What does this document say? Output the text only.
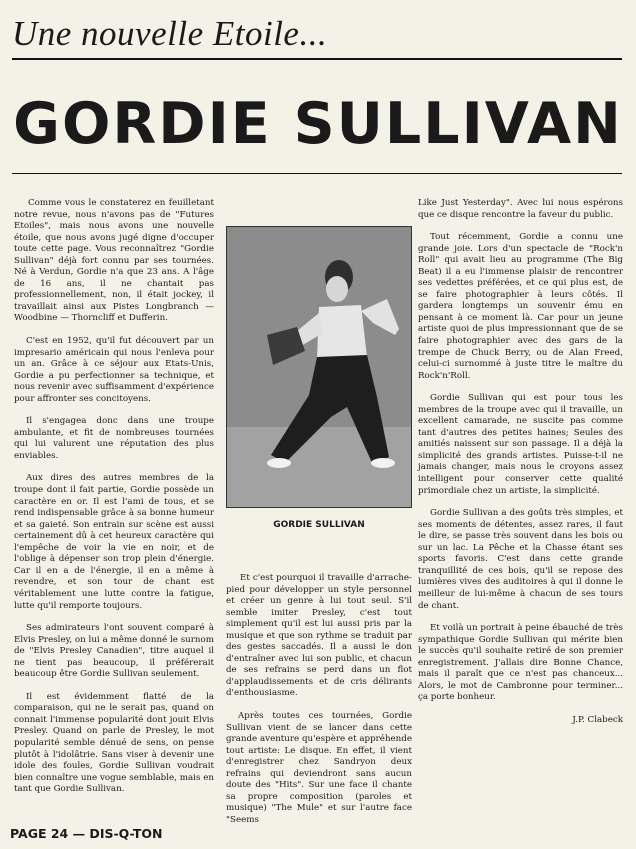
Une nouvelle Etoile...
GORDIE SULLIVAN

Comme vous le constaterez en feuilletant notre revue, nous n'avons pas de "Futures Etoiles", mais nous avons une nouvelle étoile, que nous avons jugé digne d'occuper toute cette page. Vous reconnaîtrez "Gordie Sullivan" déjà fort connu par ses tournées. Né à Verdun, Gordie n'a que 23 ans. A l'âge de 16 ans, il ne chantait pas professionnellement, non, il était jockey, il travaillait ainsi aux Pistes Longbranch — Woodbine — Thorncliff et Dufferin.

C'est en 1952, qu'il fut découvert par un impresario américain qui nous l'enleva pour un an. Grâce à ce séjour aux Etats-Unis, Gordie a pu perfectionner sa technique, et nous revenir avec suffisamment d'expérience pour affronter ses concitoyens.

Il s'engagea donc dans une troupe ambulante, et fit de nombreuses tournées qui lui valurent une réputation des plus enviables.

Aux dires des autres membres de la troupe dont il fait partie, Gordie possède un caractère en or. Il est l'ami de tous, et se rend indispensable grâce à sa bonne humeur et sa gaieté. Son entrain sur scène est aussi certainement dû à cet heureux caractère qui l'empêche de voir la vie en noir, et de l'oblige à dépenser son trop plein d'énergie. Car il en a de l'énergie, il en a même à revendre, et son tour de chant est véritablement une lutte contre la fatigue, lutte qu'il remporte toujours.

Ses admirateurs l'ont souvent comparé à Elvis Presley, on lui a même donné le surnom de "Elvis Presley Canadien", titre auquel il ne tient pas beaucoup, il préférerait beaucoup être Gordie Sullivan seulement.

Il est évidemment flatté de la comparaison, qui ne le serait pas, quand on connait l'immense popularité dont jouit Elvis Presley. Quand on parle de Presley, le mot popularité semble dénué de sens, on pense plutôt à l'idolâtrie. Sans viser à devenir une idole des foules, Gordie Sullivan voudrait bien connaître une vogue semblable, mais en tant que Gordie Sullivan.

GORDIE SULLIVAN

Et c'est pourquoi il travaille d'arrache-pied pour développer un style personnel et créer un genre à lui tout seul. S'il semble imiter Presley, c'est tout simplement qu'il est lui aussi pris par la musique et que son rythme se traduit par des gestes saccadés. Il a aussi le don d'entraîner avec lui son public, et chacun de ses refrains se perd dans un flot d'applaudissements et de cris délirants d'enthousiasme.

Après toutes ces tournées, Gordie Sullivan vient de se lancer dans cette grande aventure qu'espère et appréhende tout artiste: Le disque. En effet, il vient d'enregistrer chez Sandryon deux refrains qui deviendront sans aucun doute des "Hits". Sur une face il chante sa propre composition (paroles et musique) "The Mule" et sur l'autre face "Seems

Like Just Yesterday". Avec lui nous espérons que ce disque rencontre la faveur du public.

Tout récemment, Gordie a connu une grande joie. Lors d'un spectacle de "Rock'n Roll" qui avait lieu au programme (The Big Beat) il a eu l'immense plaisir de rencontrer ses vedettes préférées, et ce qui plus est, de se faire photographier à leurs côtés. Il gardera longtemps un souvenir ému en pensant à ce moment là. Car pour un jeune artiste quoi de plus impressionnant que de se faire photographier avec des gars de la trempe de Chuck Berry, ou de Alan Freed, celui-ci surnommé à juste titre le maître du Rock'n'Roll.

Gordie Sullivan qui est pour tous les membres de la troupe avec qui il travaille, un excellent camarade, ne suscite pas comme tant d'autres des petites haines; Seules des amitiés naissent sur son passage. Il a déjà la simplicité des grands artistes. Puisse-t-il ne jamais changer, mais nous le croyons assez intelligent pour conserver cette qualité primordiale chez un artiste, la simplicité.

Gordie Sullivan a des goûts très simples, et ses moments de détentes, assez rares, il faut le dire, se passe très souvent dans les bois ou sur un lac. La Pêche et la Chasse étant ses sports favoris. C'est dans cette grande tranquillité de ces bois, qu'il se repose des lumières vives des auditoires à qui il donne le meilleur de lui-même à chacun de ses tours de chant.

Et voilà un portrait à peine ébauché de très sympathique Gordie Sullivan qui mérite bien le succès qu'il souhaite retiré de son premier enregistrement. J'allais dire Bonne Chance, mais il paraît que ce n'est pas chanceux... Alors, le mot de Cambronne pour terminer... ça porte bonheur.

J.P. Clabeck

PAGE 24 — DIS-Q-TON
